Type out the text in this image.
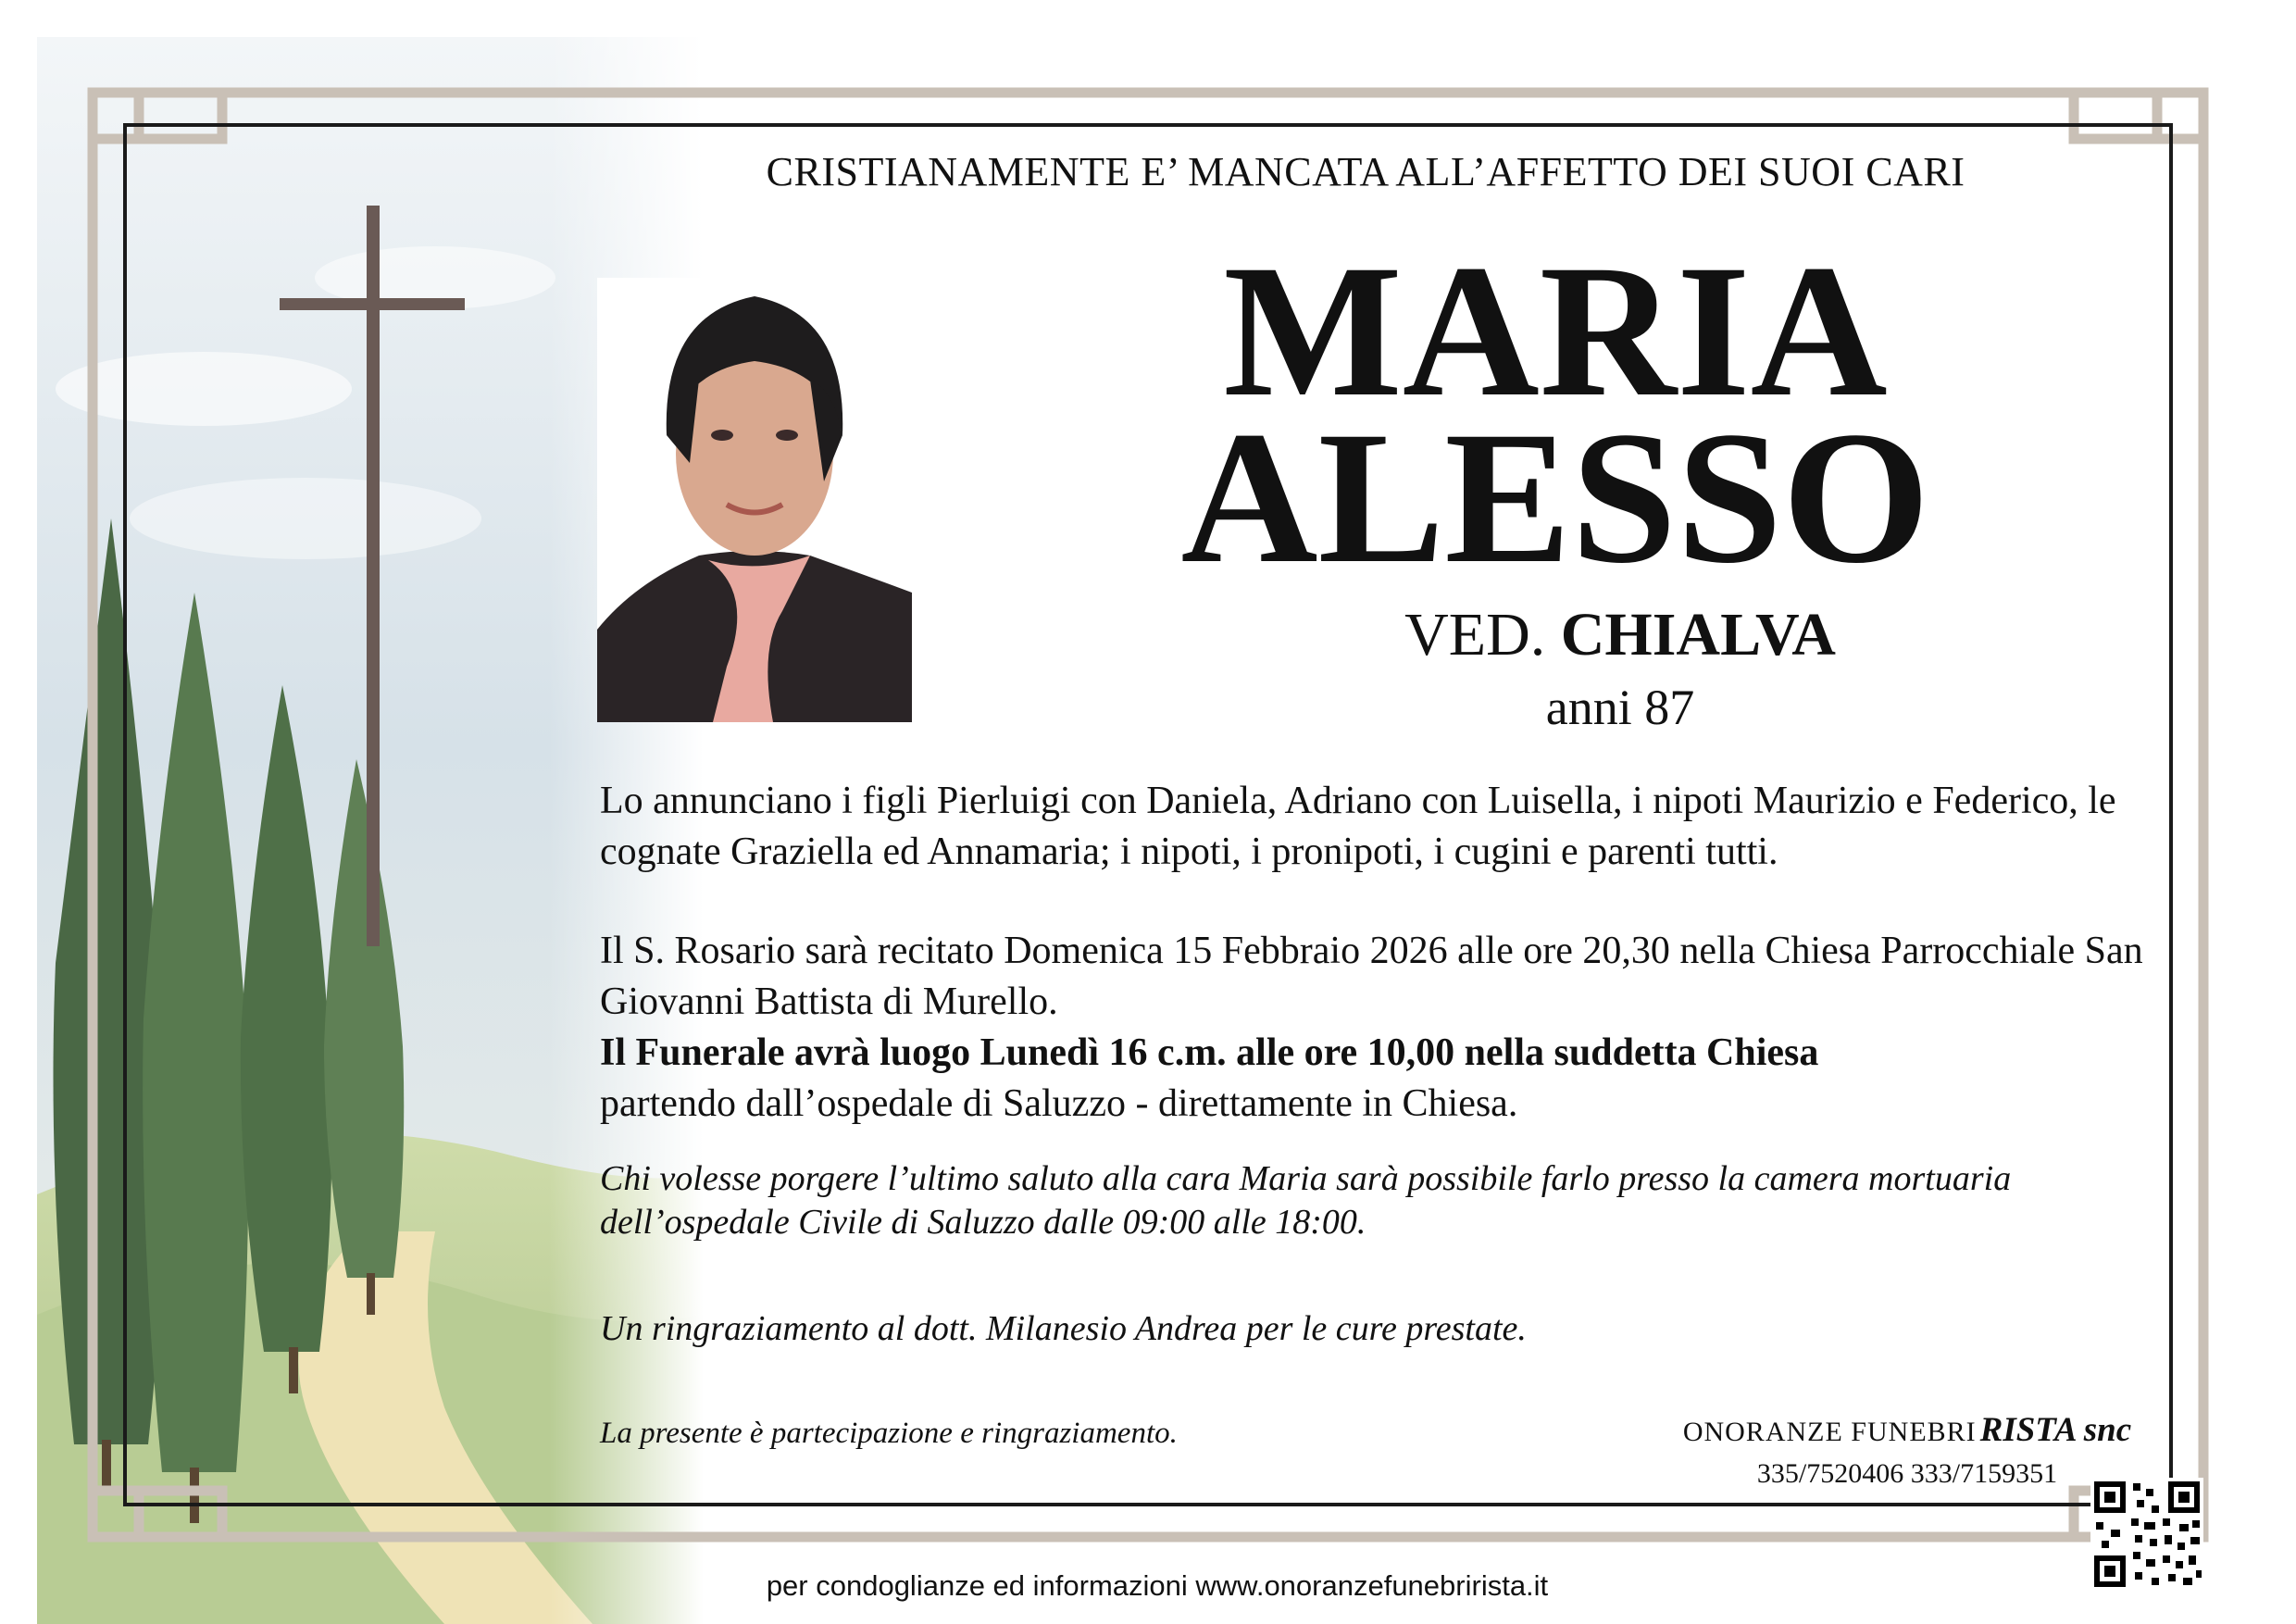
CRISTIANAMENTE E’ MANCATA ALL’AFFETTO DEI SUOI CARI
MARIA
ALESSO
VED. CHIALVA
anni 87
Lo annunciano i figli Pierluigi con Daniela, Adriano con Luisella, i nipoti Maurizio e Federico, le cognate Graziella ed Annamaria; i nipoti, i pronipoti, i cugini e parenti tutti.
Il S. Rosario sarà recitato Domenica 15 Febbraio 2026 alle ore 20,30 nella Chiesa Parrocchiale San Giovanni Battista di Murello.
Il Funerale avrà luogo Lunedì 16 c.m. alle ore 10,00 nella suddetta Chiesa
partendo dall’ospedale di Saluzzo - direttamente in Chiesa.
Chi volesse porgere l’ultimo saluto alla cara Maria sarà possibile farlo presso la camera mortuaria dell’ospedale Civile di Saluzzo dalle 09:00 alle 18:00.
Un ringraziamento al dott. Milanesio Andrea per le cure prestate.
La presente è partecipazione e ringraziamento.	ONORANZE FUNEBRI RISTA snc
335/7520406 333/7159351
per condoglianze ed informazioni www.onoranzefunebrirista.it
